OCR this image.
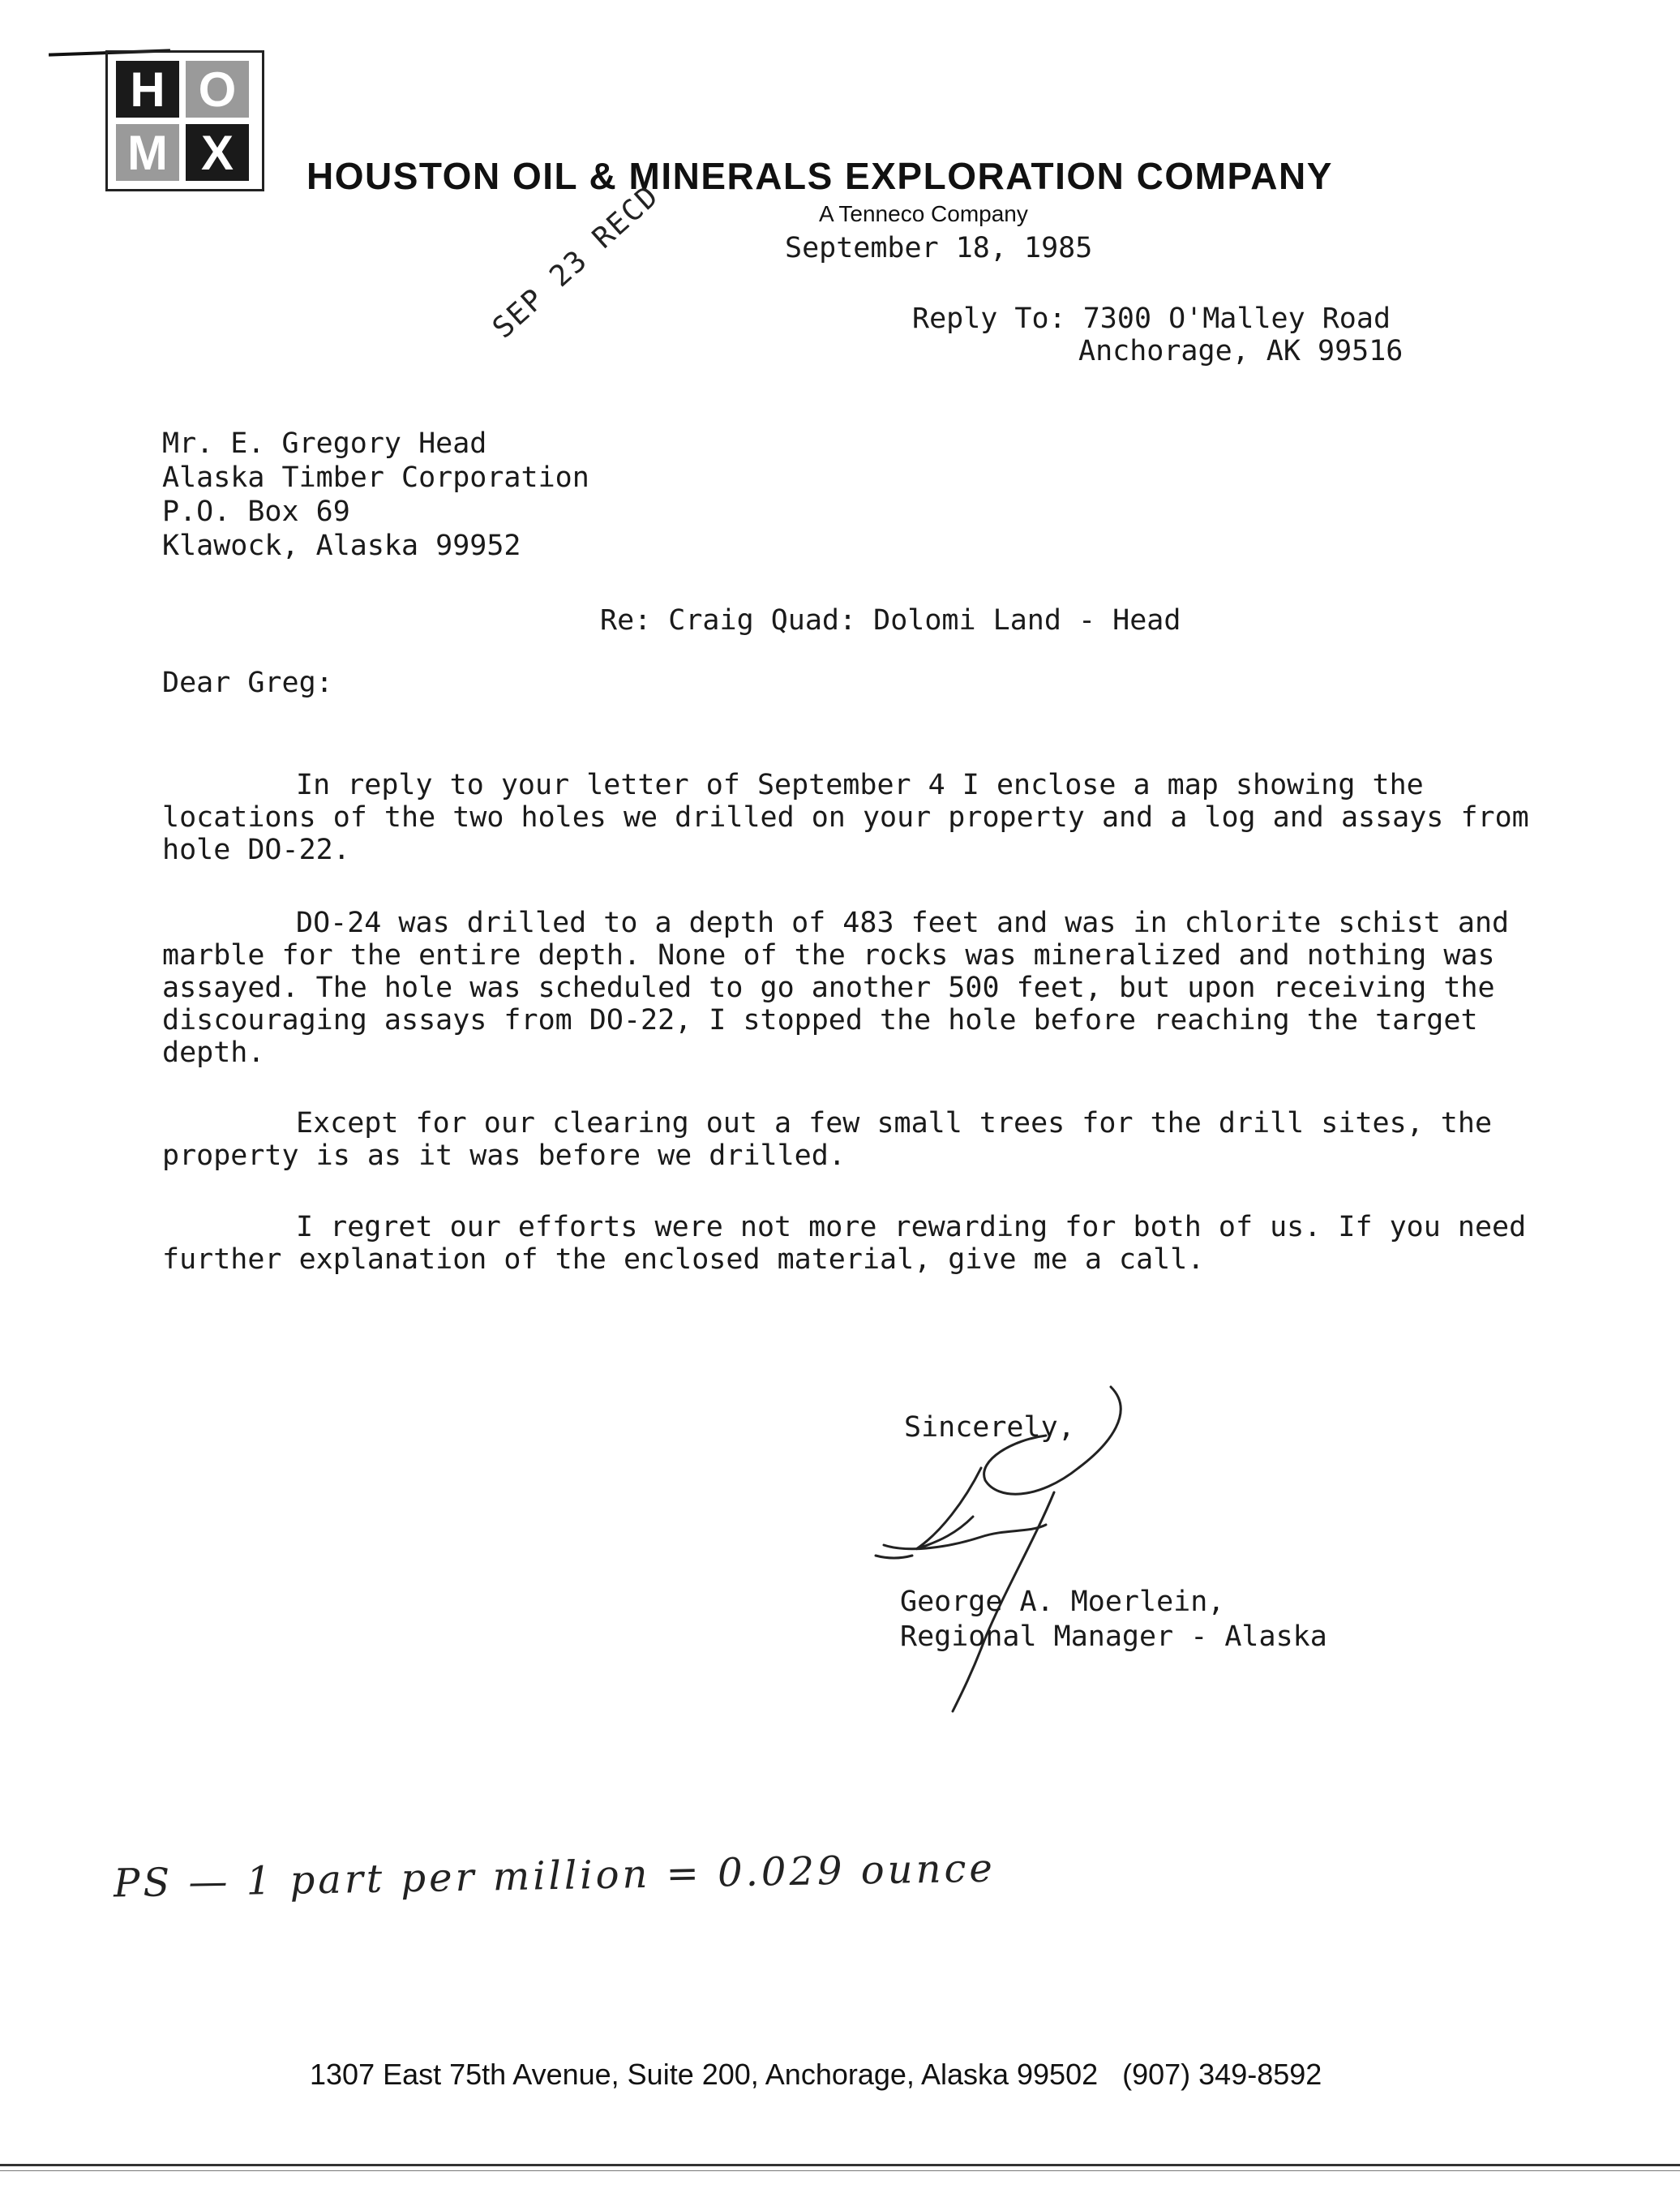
H O
M X	HOUSTON OIL & MINERALS EXPLORATION COMPANY
A Tenneco Company
SEP 23 RECD	September 18, 1985
Reply To: 7300 O'Malley Road
Anchorage, AK 99516
Mr. E. Gregory Head
Alaska Timber Corporation
P.O. Box 69
Klawock, Alaska 99952
Re: Craig Quad: Dolomi Land - Head
Dear Greg:

In reply to your letter of September 4 I enclose a map showing the locations of the two holes we drilled on your property and a log and assays from hole DO-22.

DO-24 was drilled to a depth of 483 feet and was in chlorite schist and marble for the entire depth. None of the rocks was mineralized and nothing was assayed. The hole was scheduled to go another 500 feet, but upon receiving the discouraging assays from DO-22, I stopped the hole before reaching the target depth.

Except for our clearing out a few small trees for the drill sites, the property is as it was before we drilled.

I regret our efforts were not more rewarding for both of us. If you need further explanation of the enclosed material, give me a call.

Sincerely,
George A. Moerlein,
Regional Manager - Alaska
PS — 1 part per million = 0.029 ounce
1307 East 75th Avenue, Suite 200, Anchorage, Alaska 99502   (907) 349-8592
